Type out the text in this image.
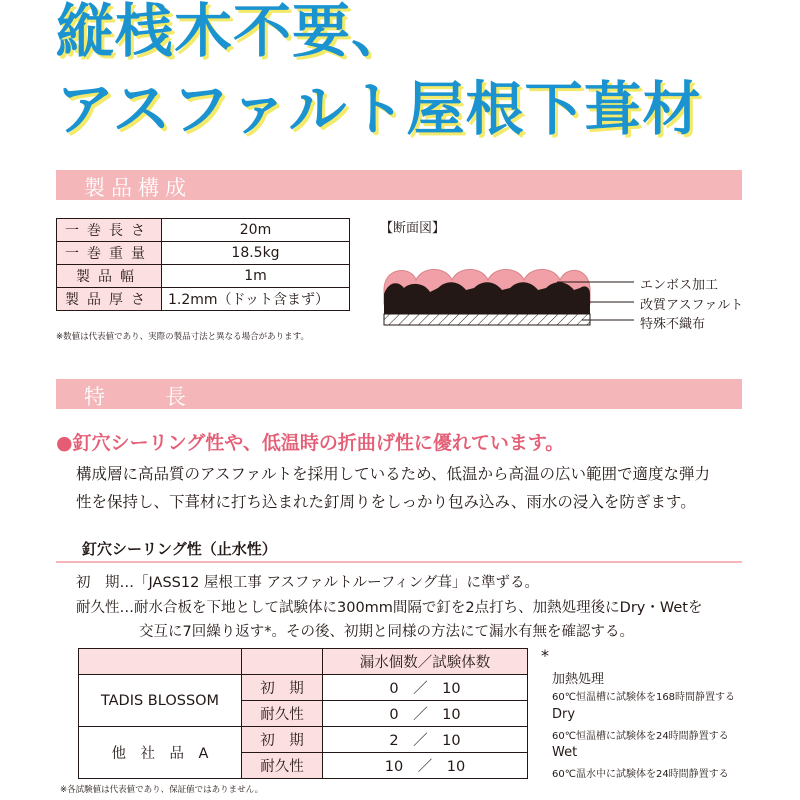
縦桟木不要、
アスファルト屋根下葺材
製品構成
一巻長さ	20m
一巻重量	18.5kg
製品幅	1m
製品厚さ	1.2mm（ドット含まず）
※数値は代表値であり、実際の製品寸法と異なる場合があります。
【断面図】
エンボス加工
改質アスファルト
特殊不織布
特　　長
●釘穴シーリング性や、低温時の折曲げ性に優れています。
構成層に高品質のアスファルトを採用しているため、低温から高温の広い範囲で適度な弾力
性を保持し、下葺材に打ち込まれた釘周りをしっかり包み込み、雨水の浸入を防ぎます。
釘穴シーリング性（止水性）
初　期…「JASS12 屋根工事 アスファルトルーフィング葺」に準ずる。
耐久性…耐水合板を下地として試験体に300mm間隔で釘を2点打ち、加熱処理後にDry・Wetを
交互に7回繰り返す*。その後、初期と同様の方法にて漏水有無を確認する。
		漏水個数／試験体数
TADIS BLOSSOM	初　期	0　／　10
	耐久性	0　／　10
他　社　品　A	初　期	2　／　10
	耐久性	10　／　10
※各試験値は代表値であり、保証値ではありません。
*
加熱処理
60℃恒温槽に試験体を168時間静置する
Dry
60℃恒温槽に試験体を24時間静置する
Wet
60℃温水中に試験体を24時間静置する
